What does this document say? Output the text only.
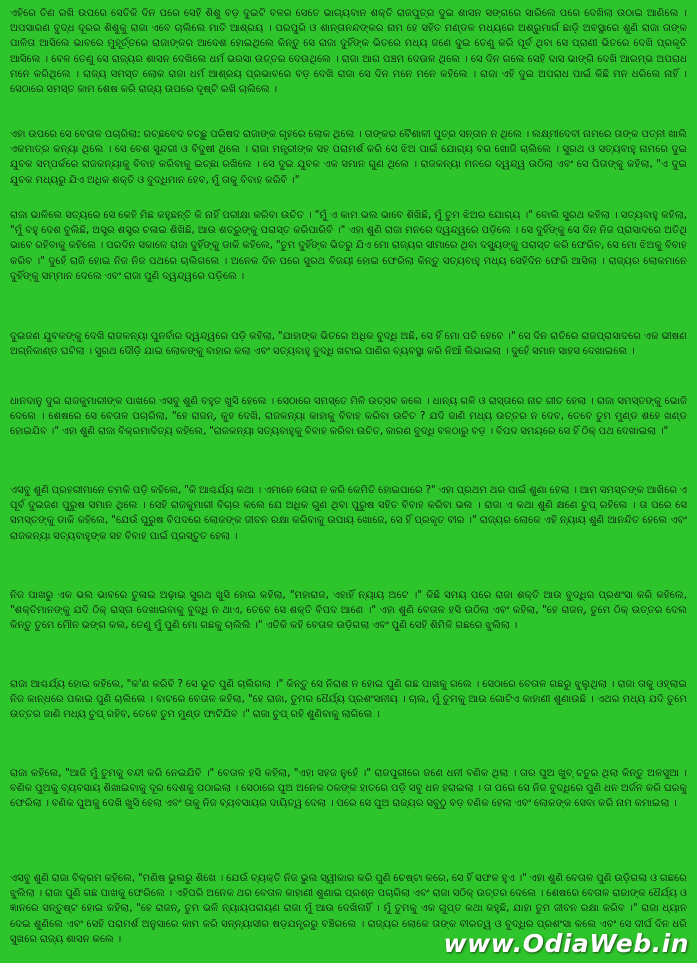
ଏହିରେ ତିଣ ରଖି ଉପରେ ସେତିକି ଦିନ ପରେ ସେହି ଶିଶୁ ବଡ଼ ଦୁଇଟି ବଳର ସେତେ ଭାଗ୍ୟବାନ ଶକ୍ତି ରାଜପୁତ୍ର ଦୁଇ ଶାସନ ସଙ୍ଗରେ ସାରିଲେ ପରେ ଦେଖିଲା ଉଠାଇ ଆଣିଲେ । ଅପସାରଣ ବୁଦ୍ଧ ଦୂରର ଶିଶୁକୁ ରାଜା ଏବେ ଚାଲିଲେ ମାତି ଆଶ୍ରୟ । ପରପୁରି ଓ ଶାନ୍ତାନନ୍ଦଙ୍କର ନାମ ହେ ସହିତ ମଣ୍ଡଳ ମଧ୍ୟରେ ଅଶ୍ରୁମାର୍ଗ ଛାଡ଼ି ଅବସ୍ଥାରେ ଶୁଣି ରାଜା ତାଙ୍କ ପାଳିତା ଆସିଲେ ଭାବରେ ମୁହୂର୍ତ୍ତରେ ରାଜାଙ୍କର ଆଦେଶ ହୋଇଥିଲେ କିନ୍ତୁ ସେ ରାଜା ଦୁହିଁଙ୍କ ଭିତରେ ମଧ୍ୟ ଜଣେ ଦୁଇ ତେଣୁ କରି ପୂର୍ବ ଥିବା ସେ ପ୍ରାଣୀ ଭିତରେ ଦେଖି ପ୍ରକୃତି ଆସିଲେ । ବେଳ ତେଣୁ ସେ ରାଜ୍ୟର ଶାସନ ଦେଖିଲେ ଧର୍ମ ଭରସା ଉତ୍ତର ଦେଉଥିଲେ । ରାଜା ଆଗ ପଞ୍ଚମ ଦେଉଳ ଥିଲେ । ସେ ଦିନ ଗଲେ ସେହି ଦାସ ଭାଙ୍ଗି ଦେଖି ଆରମ୍ଭ ଅପରାଧ ମନେ କରିଥିଲେ । ରାଜ୍ୟ ସମସ୍ତ ଲୋକ ରାଜା ଧର୍ମ ଆଶ୍ରୟ ପ୍ରଭାବରେ ବଡ଼ ଦେଖି ରାଜା ସେ ଦିନ ମନେ ମନେ କହିଲେ । ରାଜା ଏହି ଦୁଇ ଅପରାଧ ପାଇଁ କିଛି ମନ ଧରିଲେ ନାହିଁ । ସେଠାରେ ସମସ୍ତ କାମ ଶେଷ କରି ରାଜ୍ୟ ଉପରେ ଦୃଷ୍ଟି ରଖି ଚାଲିଲେ ।

ଏହା ଉପରେ ସେ ବେତାଳ ପଚାରିଲା: ରଚ୍ଛବେଦ ବଚ୍ଛୁ ପରିଷଦ ରାଜାଙ୍କ ଗୃହରେ ଲୋକ ଥିଲେ । ତାଙ୍କର ବୈଶାଳୀ ପୁତ୍ର ସନ୍ତାନ ନ ଥିଲେ । ଲକ୍ଷ୍ମୀଦେବୀ ନାମରେ ତାଙ୍କ ପତ୍ନୀ ଖାଲି ଏକମାତ୍ର କନ୍ୟା ଥିଲେ । ସେ ବେଶ ସୁନ୍ଦରୀ ଓ ବିଦୁଷୀ ଥିଲେ । ରାଜା ମନ୍ତ୍ରୀଙ୍କ ସହ ପରାମର୍ଶ କରି ସେ ଝିଅ ପାଇଁ ଯୋଗ୍ୟ ବର ଖୋଜି ଚାଲିଲେ । ସୁରଥ ଓ ସତ୍ୟବାହୁ ନାମରେ ଦୁଇ ଯୁବକ ସମ୍ପର୍କରେ ରାଜକନ୍ୟାକୁ ବିବାହ କରିବାକୁ ଇଚ୍ଛା ରଖିଲେ । ସେ ଦୁଇ ଯୁବକ ଏକ ସମାନ ଗୁଣ ଥିଲେ । ରାଜକନ୍ୟା ମନରେ ଦ୍ୱନ୍ଦ୍ୱ ଉଠିଲା ଏବଂ ସେ ପିତାଙ୍କୁ କହିଲା, "ଏ ଦୁଇ ଯୁବକ ମଧ୍ୟରୁ ଯିଏ ଅଧିକ ଶକ୍ତି ଓ ବୁଦ୍ଧିମାନ ହେବ, ମୁଁ ତାକୁ ବିବାହ କରିବି ।"

ରାଜା ଭାଳିଲେ ସତ୍ୟରେ ସେ କେହି ମିଛ କହୁଛନ୍ତି କି ନାହିଁ ପରୀକ୍ଷା କରିବା ଉଚିତ । "ମୁଁ ଏ କାମ ଭଲ ଭାବେ ଶିଖିଛି, ମୁଁ ତୁମ ଝିଅର ଯୋଗ୍ୟ ।" ବୋଲି ସୁରଥ କହିଲା । ସତ୍ୟବାହୁ କହିଲା, "ମୁଁ ବହୁ ଦେଶ ବୁଲିଛି, ଅସ୍ତ୍ର ଶସ୍ତ୍ର ଚଳାଇ ଶିଖିଛି, ଆଉ ଶତ୍ରୁଙ୍କୁ ପରାସ୍ତ କରିପାରିବି ।" ଏହା ଶୁଣି ରାଜା ମନରେ ଦ୍ୱନ୍ଦ୍ୱରେ ପଡ଼ିଲେ । ସେ ଦୁହିଁଙ୍କୁ ସେ ଦିନ ନିଜ ପ୍ରାସାଦରେ ଅତିଥି ଭାବେ ରହିବାକୁ କହିଲେ । ପରଦିନ ସକାଳେ ରାଜା ଦୁହିଁଙ୍କୁ ଡାକି କହିଲେ, "ତୁମ ଦୁହିଁଙ୍କ ଭିତରୁ ଯିଏ ମୋ ରାଜ୍ୟର ସୀମାରେ ଥିବା ଦସ୍ୟୁଙ୍କୁ ପରାସ୍ତ କରି ଫେରିବ, ସେ ମୋ ଝିଅକୁ ବିବାହ କରିବ ।" ଦୁହେଁ ରାଜି ହୋଇ ନିଜ ନିଜ ପଥରେ ଚାଲିଗଲେ । ଅନେକ ଦିନ ପରେ ସୁରଥ ବିଜୟୀ ହୋଇ ଫେରିଲା କିନ୍ତୁ ସତ୍ୟବାହୁ ମଧ୍ୟ ସେହିଦିନ ଫେରି ଆସିଲା । ରାଜ୍ୟର ଲୋକମାନେ ଦୁହିଁଙ୍କୁ ସମ୍ମାନ ଦେଲେ ଏବଂ ରାଜା ପୁଣି ଦ୍ୱନ୍ଦ୍ୱରେ ପଡ଼ିଲେ ।

ଦୁଇଜଣ ଯୁବକଙ୍କୁ ଦେଖି ରାଜକନ୍ୟା ପୁନର୍ବାର ଦ୍ୱନ୍ଦ୍ୱରେ ପଡ଼ି କହିଲା, "ଯାହାଙ୍କ ଭିତରେ ଅଧିକ ବୁଦ୍ଧି ଅଛି, ସେ ହିଁ ମୋ ପତି ହେବେ ।" ସେ ଦିନ ରାତିରେ ରାଜପ୍ରାସାଦରେ ଏକ ଭୀଷଣ ଅଗ୍ନିକାଣ୍ଡ ଘଟିଲା । ସୁରଥ ଦୌଡ଼ି ଯାଇ ଲୋକଙ୍କୁ ବାହାର କଲା ଏବଂ ସତ୍ୟବାହୁ ବୁଦ୍ଧି ଖଟାଇ ପାଣିର ବ୍ୟବସ୍ଥା କରି ନିଆଁ ଲିଭାଇଲା । ଦୁହେଁ ସମାନ ସାହସ ଦେଖାଇଲେ ।

ଧାନଦାନୁ ଦୁଇ ରାଜକୁମାରୀଙ୍କ ପାଖରେ ଏସବୁ ଶୁଣି ବହୁତ ଖୁସି ହେଲେ । ସେଠାରେ ସମସ୍ତେ ମିଳି ଉତ୍ସବ କଲେ । ଧାନ୍ୟ ଗଳି ଓ ରାସ୍ତାରେ ନାଚ ଗୀତ ହେଲା । ରାଜା ସମସ୍ତଙ୍କୁ ଭୋଜି ଦେଲେ । ଶେଷରେ ସେ ବେତାଳ ପଚାରିଲା, "ହେ ରାଜନ୍, କୁହ ଦେଖି, ରାଜକନ୍ୟା କାହାକୁ ବିବାହ କରିବା ଉଚିତ ? ଯଦି ଜାଣି ମଧ୍ୟ ଉତ୍ତର ନ ଦେବ, ତେବେ ତୁମ ମୁଣ୍ଡ ଶହେ ଖଣ୍ଡ ହୋଇଯିବ ।" ଏହା ଶୁଣି ରାଜା ବିକ୍ରମାଦିତ୍ୟ କହିଲେ, "ରାଜକନ୍ୟା ସତ୍ୟବାହୁକୁ ବିବାହ କରିବା ଉଚିତ, କାରଣ ବୁଦ୍ଧି ବଳଠାରୁ ବଡ଼ । ବିପଦ ସମୟରେ ସେ ହିଁ ଠିକ୍ ପଥ ଦେଖାଇଲା ।"

ଏସବୁ ଶୁଣି ପ୍ରହରୀମାନେ ଚମକି ପଡ଼ି କହିଲେ, "କି ଆଶ୍ଚର୍ଯ୍ୟ କଥା । ଏମାନେ ତୋରା ନ କରି କେମିତି ହୋଇପାରେ ?" ଏହା ପ୍ରଥମ ଥର ପାଇଁ ଶୁଣା ହେଲା । ଆମ ସମସ୍ତଙ୍କ ଆଖିରେ ଏ ପୂର୍ବ ଦୁଇଜଣ ପୁରୁଷ ସମାନ ଥିଲେ । ସେହି ରାଜକୁମାରୀ ବିଚାର କଲେ ଯେ ଅଧିକ ଗୁଣ ଥିବା ପୁରୁଷ ସହିତ ବିବାହ କରିବା ଭଲ । ରାଜା ଏ କଥା ଶୁଣି କ୍ଷଣେ ଚୁପ୍ ରହିଲେ । ତା ପରେ ସେ ସମସ୍ତଙ୍କୁ ଡାକି କହିଲେ, "ଯେଉଁ ପୁରୁଷ ବିପଦରେ ଲୋକଙ୍କ ଜୀବନ ରକ୍ଷା କରିବାକୁ ଉପାୟ ଖୋଜେ, ସେ ହିଁ ପ୍ରକୃତ ବୀର ।" ରାଜ୍ୟର ଲୋକେ ଏହି ନ୍ୟାୟ ଶୁଣି ଆନନ୍ଦିତ ହେଲେ ଏବଂ ରାଜକନ୍ୟା ସତ୍ୟବାହୁଙ୍କ ସହ ବିବାହ ପାଇଁ ପ୍ରସ୍ତୁତ ହେଲା ।

ନିଜ ପାଖରୁ ଏକ ଭଲ ଭାବରେ ତୁଳାଇ ଅଢ଼ାଇ ସୁରଥ ଖୁସି ହୋଇ କହିଲା, "ମହାରାଜ, ଏହାହିଁ ନ୍ୟାୟ ଅଟେ ।" କିଛି ସମୟ ପରେ ରାଜା ଶକ୍ତି ଆଉ ବୁଦ୍ଧିର ପ୍ରଶଂସା କରି କହିଲେ, "ଶକ୍ତିମାନଙ୍କୁ ଯଦି ଠିକ୍ ରାସ୍ତା ଦେଖାଇବାକୁ ବୁଦ୍ଧି ନ ଥାଏ, ତେବେ ସେ ଶକ୍ତି ବିପଦ ଆଣେ ।" ଏହା ଶୁଣି ବେତାଳ ହସି ଉଠିଲା ଏବଂ କହିଲା, "ହେ ରାଜନ୍, ତୁମେ ଠିକ୍ ଉତ୍ତର ଦେଲ କିନ୍ତୁ ତୁମେ ମୌନ ଭଙ୍ଗ କଲ, ତେଣୁ ମୁଁ ପୁଣି ମୋ ଗଛକୁ ଚାଲିଲି ।" ଏତିକି କହି ବେତାଳ ଉଡ଼ିଗଲା ଏବଂ ପୁଣି ସେହି ଶିମିଳି ଗଛରେ ଝୁଲିଲା ।

ରାଜା ଆଶ୍ଚର୍ଯ୍ୟ ହୋଇ କହିଲେ, "କ'ଣ କରିବି ? ସେ ଭୂତ ପୁଣି ଚାଲିଗଲା ।" କିନ୍ତୁ ସେ ନିରାଶ ନ ହୋଇ ପୁଣି ଗଛ ପାଖକୁ ଗଲେ । ସେଠାରେ ବେତାଳ ଗଛରୁ ଝୁଲୁଥିଲା । ରାଜା ତାକୁ ଓହ୍ଲାଇ ନିଜ କାନ୍ଧରେ ପକାଇ ପୁଣି ଚାଲିଲେ । ବାଟରେ ବେତାଳ କହିଲା, "ହେ ରାଜା, ତୁମର ଧୈର୍ଯ୍ୟ ପ୍ରଶଂସନୀୟ । ଚାଲ, ମୁଁ ତୁମକୁ ଆଉ ଗୋଟିଏ କାହାଣୀ ଶୁଣାଉଛି । ଏଥର ମଧ୍ୟ ଯଦି ତୁମେ ଉତ୍ତର ଜାଣି ମଧ୍ୟ ଚୁପ୍ ରହିବ, ତେବେ ତୁମ ମୁଣ୍ଡ ଫାଟିଯିବ ।" ରାଜା ଚୁପ୍ ରହି ଶୁଣିବାକୁ ଲାଗିଲେ ।

ରାଜା କହିଲେ, "ଆଜି ମୁଁ ତୁମକୁ ବନ୍ଦୀ କରି ନେଇଯିବି ।" ବେତାଳ ହସି କହିଲା, "ଏହା ସହଜ ନୁହେଁ ।" ରାଜପୁରୀରେ ଜଣେ ଧନୀ ବଣିକ ଥିଲା । ତାର ପୁଅ ଖୁବ୍ ଚତୁର ଥିଲା କିନ୍ତୁ ଅଳସୁଆ । ବଣିକ ପୁଅକୁ ବ୍ୟବସାୟ ଶିଖାଇବାକୁ ଦୂର ଦେଶକୁ ପଠାଇଲା । ସେଠାରେ ପୁଅ ଅନେକ ଠକଙ୍କ ହାତରେ ପଡ଼ି ସବୁ ଧନ ହରାଇଲା । ତା ପରେ ସେ ନିଜ ବୁଦ୍ଧିରେ ପୁଣି ଧନ ଅର୍ଜନ କରି ଘରକୁ ଫେରିଲା । ବଣିକ ପୁଅକୁ ଦେଖି ଖୁସି ହେଲା ଏବଂ ତାକୁ ନିଜ ବ୍ୟବସାୟର ଦାୟିତ୍ୱ ଦେଲା । ପରେ ସେ ପୁଅ ରାଜ୍ୟର ସବୁଠୁ ବଡ଼ ବଣିକ ହେଲା ଏବଂ ଲୋକଙ୍କ ସେବା କରି ନାମ କମାଇଲା ।

ଏସବୁ ଶୁଣି ରାଜା ବିକ୍ରମ କହିଲେ, "ମଣିଷ ଭୁଲରୁ ଶିଖେ । ଯେଉଁ ବ୍ୟକ୍ତି ନିଜ ଭୁଲ ସ୍ୱୀକାର କରି ପୁଣି ଚେଷ୍ଟା କରେ, ସେ ହିଁ ସଫଳ ହୁଏ ।" ଏହା ଶୁଣି ବେତାଳ ପୁଣି ଉଡ଼ିଗଲା ଓ ଗଛରେ ଝୁଲିଲା । ରାଜା ପୁଣି ଗଛ ପାଖକୁ ଫେରିଲେ । ଏହିପରି ଅନେକ ଥର ବେତାଳ କାହାଣୀ ଶୁଣାଇ ପ୍ରଶ୍ନ ପଚାରିଲା ଏବଂ ରାଜା ସଠିକ୍ ଉତ୍ତର ଦେଲେ । ଶେଷରେ ବେତାଳ ରାଜାଙ୍କ ଧୈର୍ଯ୍ୟ ଓ ଜ୍ଞାନରେ ସନ୍ତୁଷ୍ଟ ହୋଇ କହିଲା, "ହେ ରାଜନ୍, ତୁମ ଭଳି ନ୍ୟାୟପରାୟଣ ରାଜା ମୁଁ ଆଉ ଦେଖିନାହିଁ । ମୁଁ ତୁମକୁ ଏକ ଗୁପ୍ତ କଥା କହୁଛି, ଯାହା ତୁମ ଜୀବନ ରକ୍ଷା କରିବ ।" ରାଜା ଧ୍ୟାନ ଦେଇ ଶୁଣିଲେ ଏବଂ ସେହି ପରାମର୍ଶ ଅନୁସାରେ କାମ କରି ସନ୍ନ୍ୟାସୀର ଷଡ଼ଯନ୍ତ୍ରରୁ ବଞ୍ଚିଗଲେ । ରାଜ୍ୟର ଲୋକେ ତାଙ୍କ ବୀରତ୍ୱ ଓ ବୁଦ୍ଧିର ପ୍ରଶଂସା କଲେ ଏବଂ ସେ ଦୀର୍ଘ ଦିନ ଧରି ସୁଖରେ ରାଜ୍ୟ ଶାସନ କଲେ ।	www.OdiaWeb.in
